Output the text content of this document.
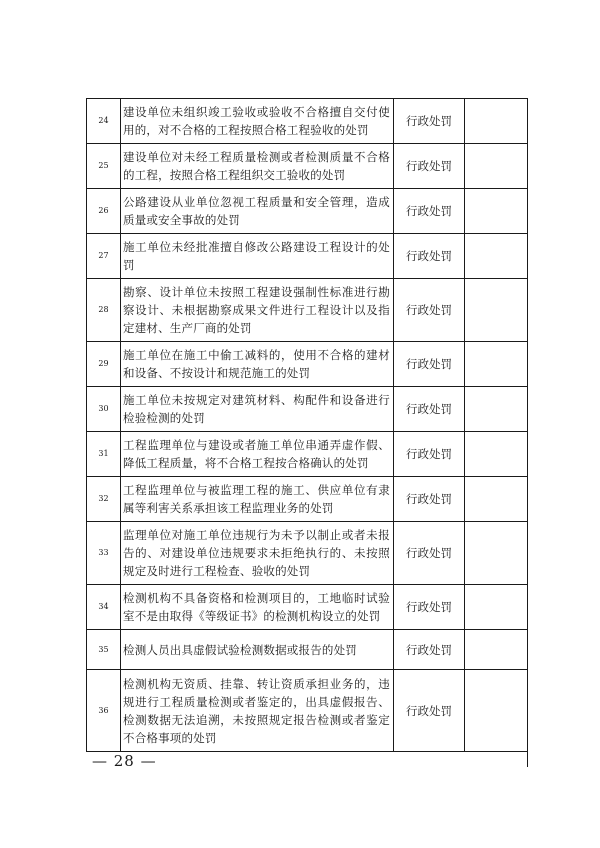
24	建设单位未组织竣工验收或验收不合格擅自交付使用的，对不合格的工程按照合格工程验收的处罚	行政处罚	
25	建设单位对未经工程质量检测或者检测质量不合格的工程，按照合格工程组织交工验收的处罚	行政处罚	
26	公路建设从业单位忽视工程质量和安全管理，造成质量或安全事故的处罚	行政处罚	
27	施工单位未经批准擅自修改公路建设工程设计的处罚	行政处罚	
28	勘察、设计单位未按照工程建设强制性标准进行勘察设计、未根据勘察成果文件进行工程设计以及指定建材、生产厂商的处罚	行政处罚	
29	施工单位在施工中偷工减料的，使用不合格的建材和设备、不按设计和规范施工的处罚	行政处罚	
30	施工单位未按规定对建筑材料、构配件和设备进行检验检测的处罚	行政处罚	
31	工程监理单位与建设或者施工单位串通弄虚作假、降低工程质量，将不合格工程按合格确认的处罚	行政处罚	
32	工程监理单位与被监理工程的施工、供应单位有隶属等利害关系承担该工程监理业务的处罚	行政处罚	
33	监理单位对施工单位违规行为未予以制止或者未报告的、对建设单位违规要求未拒绝执行的、未按照规定及时进行工程检查、验收的处罚	行政处罚	
34	检测机构不具备资格和检测项目的，工地临时试验室不是由取得《等级证书》的检测机构设立的处罚	行政处罚	
35	检测人员出具虚假试验检测数据或报告的处罚	行政处罚	
36	检测机构无资质、挂靠、转让资质承担业务的，违规进行工程质量检测或者鉴定的，出具虚假报告、检测数据无法追溯，未按照规定报告检测或者鉴定不合格事项的处罚	行政处罚	
— 28 —
